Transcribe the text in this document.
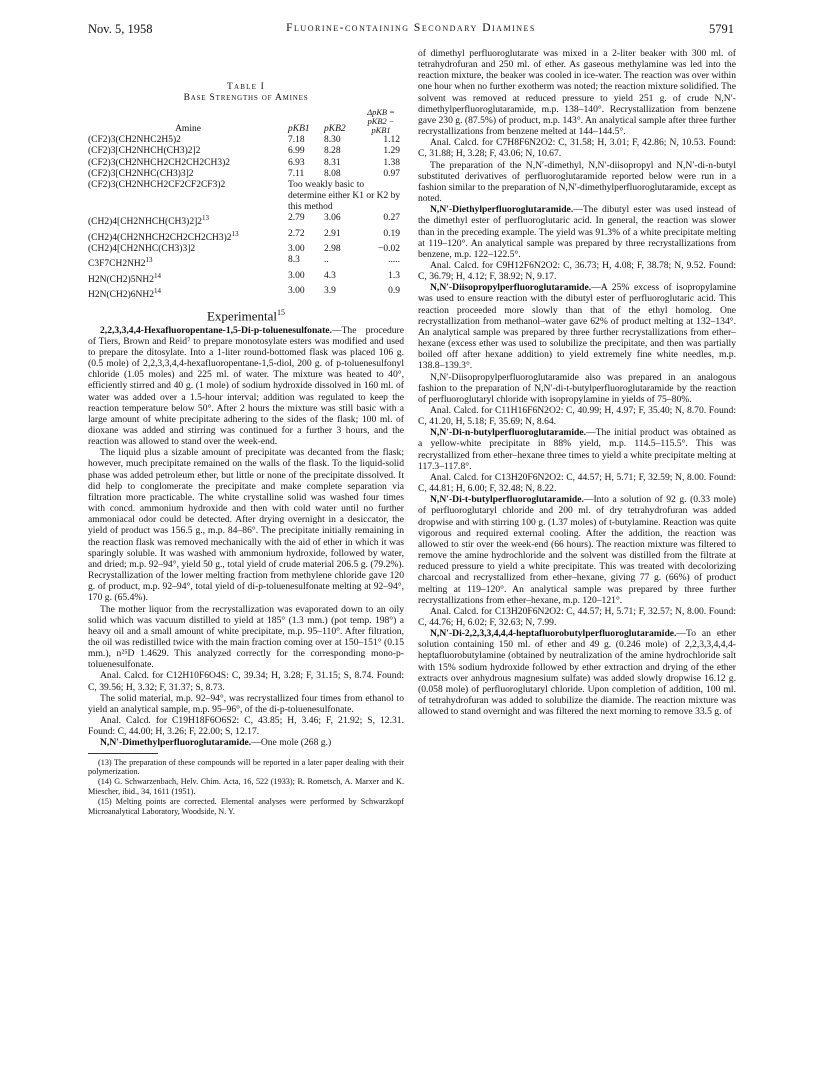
Nov. 5, 1958	Fluorine-containing Secondary Diamines	5791
Table I
Base Strengths of Amines
Amine	pKB1	pKB2	ΔpKB = pKB2 − pKB1
(CF2)3(CH2NHC2H5)2	7.18	8.30	1.12
(CF2)3[CH2NHCH(CH3)2]2	6.99	8.28	1.29
(CF2)3(CH2NHCH2CH2CH2CH3)2	6.93	8.31	1.38
(CF2)3[CH2NHC(CH3)3]2	7.11	8.08	0.97
(CF2)3(CH2NHCH2CF2CF2CF3)2	Too weakly basic to determine either K1 or K2 by this method		
$(CH2)4[CH2NHCH(CH3)2]2^{13}$	2.79	3.06	0.27
$(CH2)4(CH2NHCH2CH2CH2CH3)2^{13}$	2.72	2.91	0.19
(CH2)4[CH2NHC(CH3)3]2	3.00	2.98	−0.02
$C3F7CH2NH2^{13}$	8.3	..	.....
$H2N(CH2)5NH2^{14}$	3.00	4.3	1.3
$H2N(CH2)6NH2^{14}$	3.00	3.9	0.9
Experimental$^{15}$

2,2,3,3,4,4-Hexafluoropentane-1,5-Di-p-toluenesulfonate.—The procedure of Tiers, Brown and Reid⁷ to prepare monotosylate esters was modified and used to prepare the ditosylate. Into a 1-liter round-bottomed flask was placed 106 g. (0.5 mole) of 2,2,3,3,4,4-hexafluoropentane-1,5-diol, 200 g. of p-toluenesulfonyl chloride (1.05 moles) and 225 ml. of water. The mixture was heated to 40°, efficiently stirred and 40 g. (1 mole) of sodium hydroxide dissolved in 160 ml. of water was added over a 1.5-hour interval; addition was regulated to keep the reaction temperature below 50°. After 2 hours the mixture was still basic with a large amount of white precipitate adhering to the sides of the flask; 100 ml. of dioxane was added and stirring was continued for a further 3 hours, and the reaction was allowed to stand over the week-end.

The liquid plus a sizable amount of precipitate was decanted from the flask; however, much precipitate remained on the walls of the flask. To the liquid-solid phase was added petroleum ether, but little or none of the precipitate dissolved. It did help to conglomerate the precipitate and make complete separation via filtration more practicable. The white crystalline solid was washed four times with concd. ammonium hydroxide and then with cold water until no further ammoniacal odor could be detected. After drying overnight in a desiccator, the yield of product was 156.5 g., m.p. 84–86°. The precipitate initially remaining in the reaction flask was removed mechanically with the aid of ether in which it was sparingly soluble. It was washed with ammonium hydroxide, followed by water, and dried; m.p. 92–94°, yield 50 g., total yield of crude material 206.5 g. (79.2%). Recrystallization of the lower melting fraction from methylene chloride gave 120 g. of product, m.p. 92–94°, total yield of di-p-toluenesulfonate melting at 92–94°, 170 g. (65.4%).

The mother liquor from the recrystallization was evaporated down to an oily solid which was vacuum distilled to yield at 185° (1.3 mm.) (pot temp. 198°) a heavy oil and a small amount of white precipitate, m.p. 95–110°. After filtration, the oil was redistilled twice with the main fraction coming over at 150–151° (0.15 mm.), n²⁵D 1.4629. This analyzed correctly for the corresponding mono-p-toluenesulfonate.

Anal. Calcd. for C12H10F6O4S: C, 39.34; H, 3.28; F, 31.15; S, 8.74. Found: C, 39.56; H, 3.32; F, 31.37; S, 8.73.

The solid material, m.p. 92–94°, was recrystallized four times from ethanol to yield an analytical sample, m.p. 95–96°, of the di-p-toluenesulfonate.

Anal. Calcd. for C19H18F6O6S2: C, 43.85; H, 3.46; F, 21.92; S, 12.31. Found: C, 44.00; H, 3.26; F, 22.00; S, 12.17.

N,N′-Dimethylperfluoroglutaramide.—One mole (268 g.)

(13) The preparation of these compounds will be reported in a later paper dealing with their polymerization.

(14) G. Schwarzenbach, Helv. Chim. Acta, 16, 522 (1933); R. Rometsch, A. Marxer and K. Miescher, ibid., 34, 1611 (1951).

(15) Melting points are corrected. Elemental analyses were performed by Schwarzkopf Microanalytical Laboratory, Woodside, N. Y.

of dimethyl perfluoroglutarate was mixed in a 2-liter beaker with 300 ml. of tetrahydrofuran and 250 ml. of ether. As gaseous methylamine was led into the reaction mixture, the beaker was cooled in ice-water. The reaction was over within one hour when no further exotherm was noted; the reaction mixture solidified. The solvent was removed at reduced pressure to yield 251 g. of crude N,N′-dimethylperfluoroglutaramide, m.p. 138–140°. Recrystallization from benzene gave 230 g. (87.5%) of product, m.p. 143°. An analytical sample after three further recrystallizations from benzene melted at 144–144.5°.

Anal. Calcd. for C7H8F6N2O2: C, 31.58; H, 3.01; F, 42.86; N, 10.53. Found: C, 31.88; H, 3.28; F, 43.06; N, 10.67.

The preparation of the N,N′-dimethyl, N,N′-diisopropyl and N,N′-di-n-butyl substituted derivatives of perfluoroglutaramide reported below were run in a fashion similar to the preparation of N,N′-dimethylperfluoroglutaramide, except as noted.

N,N′-Diethylperfluoroglutaramide.—The dibutyl ester was used instead of the dimethyl ester of perfluoroglutaric acid. In general, the reaction was slower than in the preceding example. The yield was 91.3% of a white precipitate melting at 119–120°. An analytical sample was prepared by three recrystallizations from benzene, m.p. 122–122.5°.

Anal. Calcd. for C9H12F6N2O2: C, 36.73; H, 4.08; F, 38.78; N, 9.52. Found: C, 36.79; H, 4.12; F, 38.92; N, 9.17.

N,N′-Diisopropylperfluoroglutaramide.—A 25% excess of isopropylamine was used to ensure reaction with the dibutyl ester of perfluoroglutaric acid. This reaction proceeded more slowly than that of the ethyl homolog. One recrystallization from methanol–water gave 62% of product melting at 132–134°. An analytical sample was prepared by three further recrystallizations from ether–hexane (excess ether was used to solubilize the precipitate, and then was partially boiled off after hexane addition) to yield extremely fine white needles, m.p. 138.8–139.3°.

N,N′-Diisopropylperfluoroglutaramide also was prepared in an analogous fashion to the preparation of N,N′-di-t-butylperfluoroglutaramide by the reaction of perfluoroglutaryl chloride with isopropylamine in yields of 75–80%.

Anal. Calcd. for C11H16F6N2O2: C, 40.99; H, 4.97; F, 35.40; N, 8.70. Found: C, 41.20, H, 5.18; F, 35.69; N, 8.64.

N,N′-Di-n-butylperfluoroglutaramide.—The initial product was obtained as a yellow-white precipitate in 88% yield, m.p. 114.5–115.5°. This was recrystallized from ether–hexane three times to yield a white precipitate melting at 117.3–117.8°.

Anal. Calcd. for C13H20F6N2O2: C, 44.57; H, 5.71; F, 32.59; N, 8.00. Found: C, 44.81; H, 6.00; F, 32.48; N, 8.22.

N,N′-Di-t-butylperfluoroglutaramide.—Into a solution of 92 g. (0.33 mole) of perfluoroglutaryl chloride and 200 ml. of dry tetrahydrofuran was added dropwise and with stirring 100 g. (1.37 moles) of t-butylamine. Reaction was quite vigorous and required external cooling. After the addition, the reaction was allowed to stir over the week-end (66 hours). The reaction mixture was filtered to remove the amine hydrochloride and the solvent was distilled from the filtrate at reduced pressure to yield a white precipitate. This was treated with decolorizing charcoal and recrystallized from ether–hexane, giving 77 g. (66%) of product melting at 119–120°. An analytical sample was prepared by three further recrystallizations from ether–hexane, m.p. 120–121°.

Anal. Calcd. for C13H20F6N2O2: C, 44.57; H, 5.71; F, 32.57; N, 8.00. Found: C, 44.76; H, 6.02; F, 32.63; N, 7.99.

N,N′-Di-2,2,3,3,4,4,4-heptafluorobutylperfluoroglutaramide.—To an ether solution containing 150 ml. of ether and 49 g. (0.246 mole) of 2,2,3,3,4,4,4-heptafluorobutylamine (obtained by neutralization of the amine hydrochloride salt with 15% sodium hydroxide followed by ether extraction and drying of the ether extracts over anhydrous magnesium sulfate) was added slowly dropwise 16.12 g. (0.058 mole) of perfluoroglutaryl chloride. Upon completion of addition, 100 ml. of tetrahydrofuran was added to solubilize the diamide. The reaction mixture was allowed to stand overnight and was filtered the next morning to remove 33.5 g. of
